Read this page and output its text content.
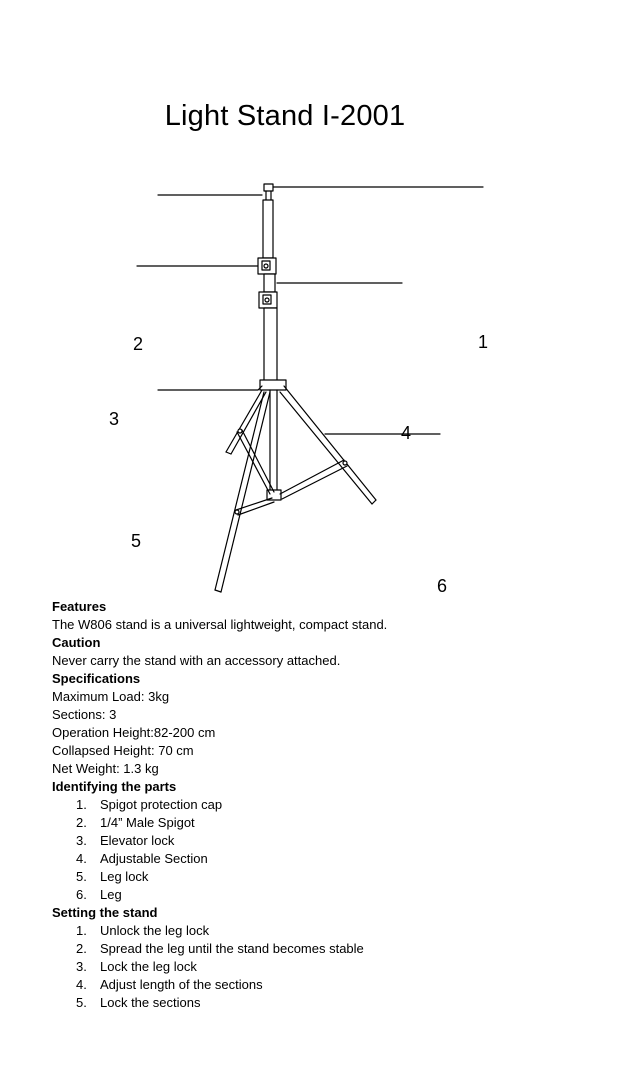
Light Stand I-2001
1
2
3
4
5
6
Features
The W806 stand is a universal lightweight, compact stand.
Caution
Never carry the stand with an accessory attached.
Specifications
Maximum Load: 3kg
Sections: 3
Operation Height:82-200 cm
Collapsed Height: 70 cm
Net Weight: 1.3 kg
Identifying the parts
1. Spigot protection cap
2. 1/4” Male Spigot
3. Elevator lock
4. Adjustable Section
5. Leg lock
6. Leg
Setting the stand
1. Unlock the leg lock
2. Spread the leg until the stand becomes stable
3. Lock the leg lock
4. Adjust length of the sections
5. Lock the sections
